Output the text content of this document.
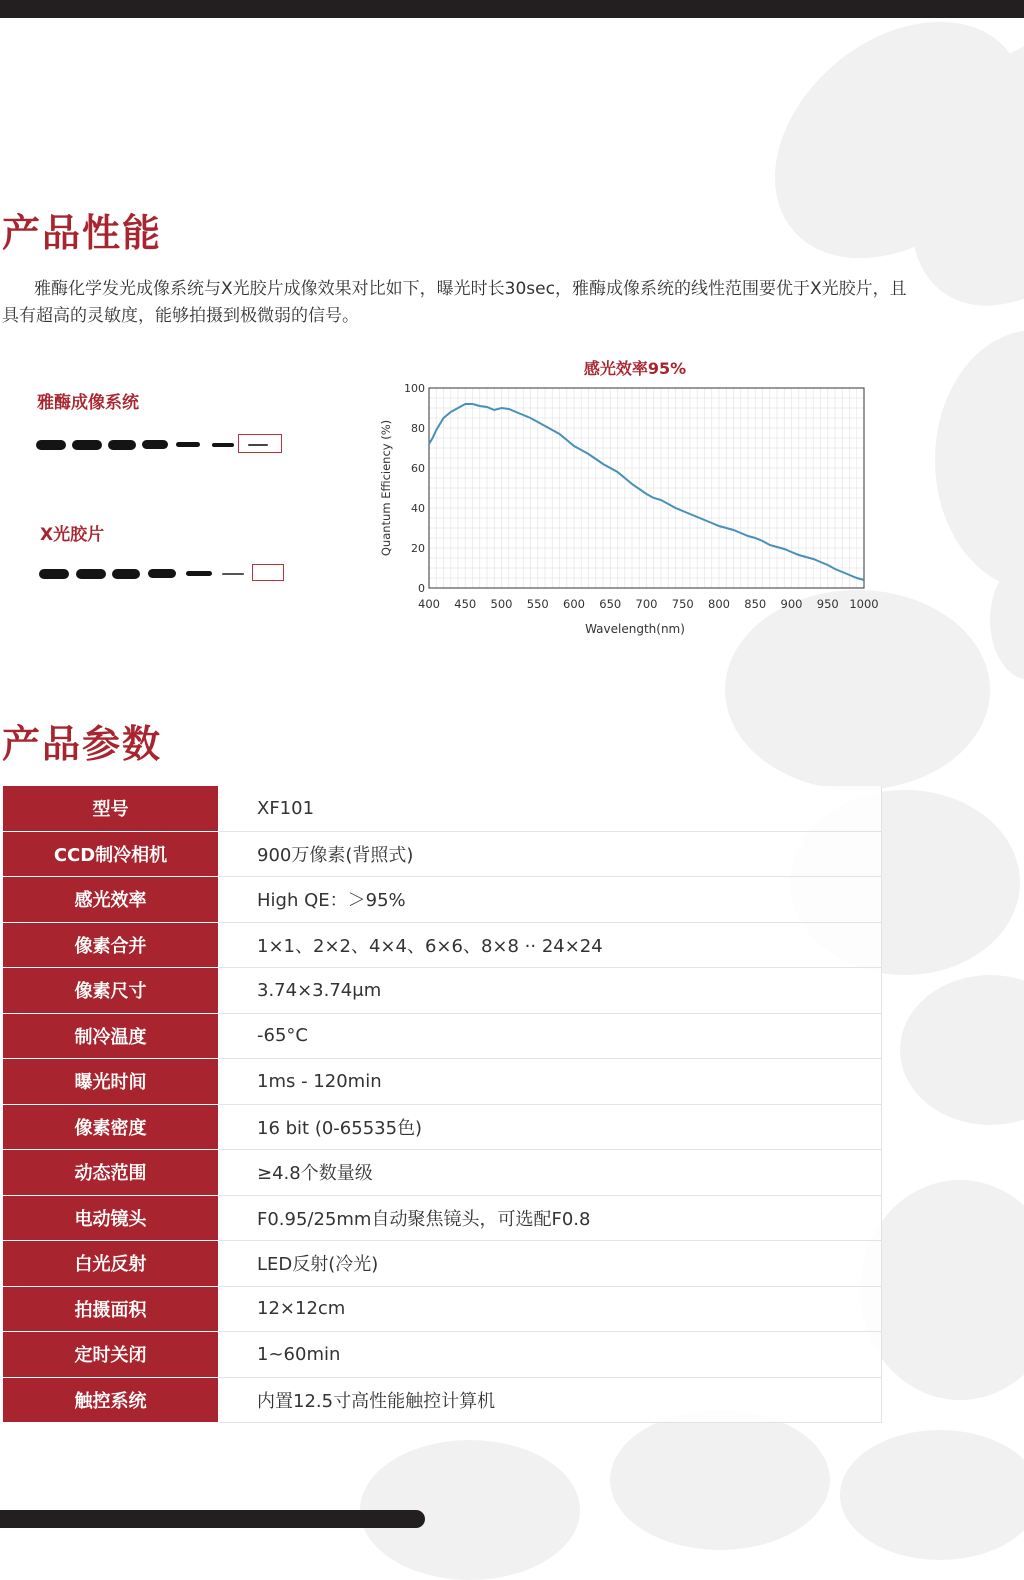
产品性能

雅酶化学发光成像系统与X光胶片成像效果对比如下，曝光时长30sec，雅酶成像系统的线性范围要优于X光胶片，且具有超高的灵敏度，能够拍摄到极微弱的信号。

雅酶成像系统
X光胶片
感光效率95%
0
20
40
60
80
100
400 450 500 550 600 650 700 750 800 850 900 950 1000
Wavelength(nm)
Quantum Efficiency (%)
产品参数
型号	XF101
CCD制冷相机	900万像素(背照式)
感光效率	High QE：＞95%
像素合并	1×1、2×2、4×4、6×6、8×8 ·· 24×24
像素尺寸	3.74×3.74μm
制冷温度	-65°C
曝光时间	1ms - 120min
像素密度	16 bit (0-65535色)
动态范围	≥4.8个数量级
电动镜头	F0.95/25mm自动聚焦镜头，可选配F0.8
白光反射	LED反射(冷光)
拍摄面积	12×12cm
定时关闭	1~60min
触控系统	内置12.5寸高性能触控计算机
